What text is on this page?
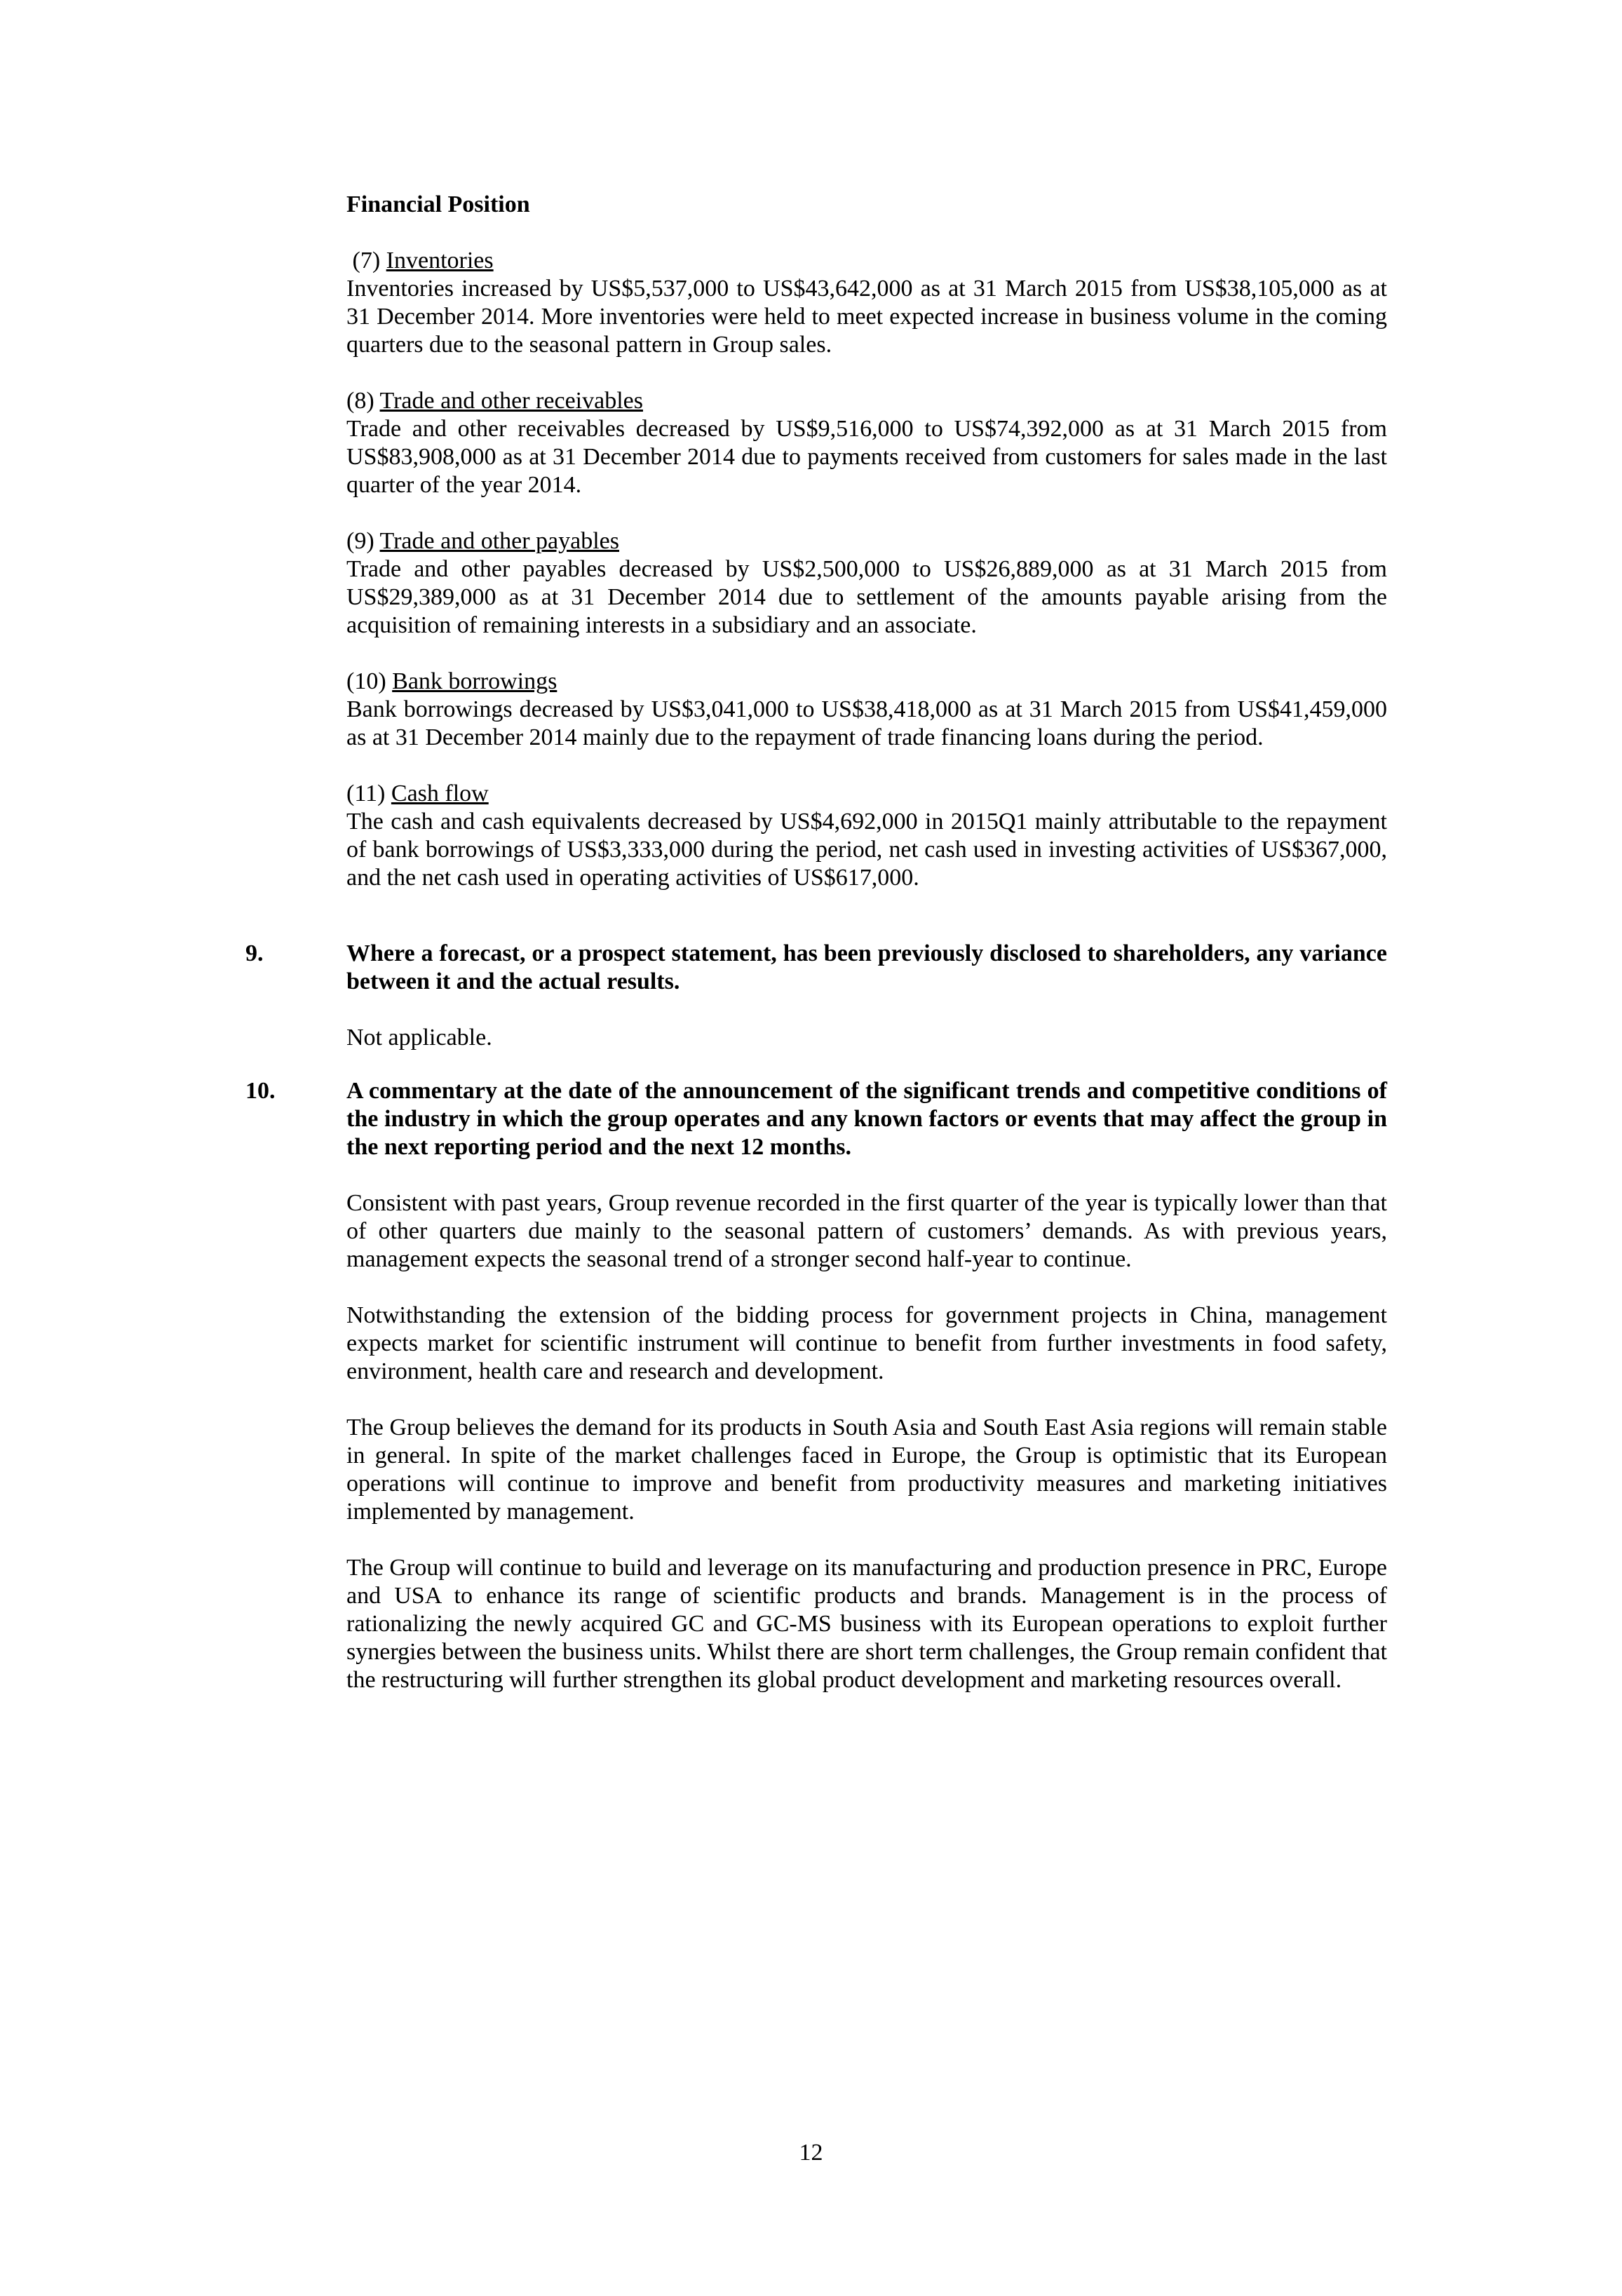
Financial Position

(7) Inventories

Inventories increased by US$5,537,000 to US$43,642,000 as at 31 March 2015 from US$38,105,000 as at 31 December 2014. More inventories were held to meet expected increase in business volume in the coming quarters due to the seasonal pattern in Group sales.

(8) Trade and other receivables

Trade and other receivables decreased by US$9,516,000 to US$74,392,000 as at 31 March 2015 from US$83,908,000 as at 31 December 2014 due to payments received from customers for sales made in the last quarter of the year 2014.

(9) Trade and other payables

Trade and other payables decreased by US$2,500,000 to US$26,889,000 as at 31 March 2015 from US$29,389,000 as at 31 December 2014 due to settlement of the amounts payable arising from the acquisition of remaining interests in a subsidiary and an associate.

(10) Bank borrowings

Bank borrowings decreased by US$3,041,000 to US$38,418,000 as at 31 March 2015 from US$41,459,000 as at 31 December 2014 mainly due to the repayment of trade financing loans during the period.

(11) Cash flow

The cash and cash equivalents decreased by US$4,692,000 in 2015Q1 mainly attributable to the repayment of bank borrowings of US$3,333,000 during the period, net cash used in investing activities of US$367,000, and the net cash used in operating activities of US$617,000.

9.	Where a forecast, or a prospect statement, has been previously disclosed to shareholders, any variance between it and the actual results.

Not applicable.

10.	A commentary at the date of the announcement of the significant trends and competitive conditions of the industry in which the group operates and any known factors or events that may affect the group in the next reporting period and the next 12 months.

Consistent with past years, Group revenue recorded in the first quarter of the year is typically lower than that of other quarters due mainly to the seasonal pattern of customers’ demands. As with previous years, management expects the seasonal trend of a stronger second half-year to continue.

Notwithstanding the extension of the bidding process for government projects in China, management expects market for scientific instrument will continue to benefit from further investments in food safety, environment, health care and research and development.

The Group believes the demand for its products in South Asia and South East Asia regions will remain stable in general. In spite of the market challenges faced in Europe, the Group is optimistic that its European operations will continue to improve and benefit from productivity measures and marketing initiatives implemented by management.

The Group will continue to build and leverage on its manufacturing and production presence in PRC, Europe and USA to enhance its range of scientific products and brands. Management is in the process of rationalizing the newly acquired GC and GC-MS business with its European operations to exploit further synergies between the business units. Whilst there are short term challenges, the Group remain confident that the restructuring will further strengthen its global product development and marketing resources overall.

12
